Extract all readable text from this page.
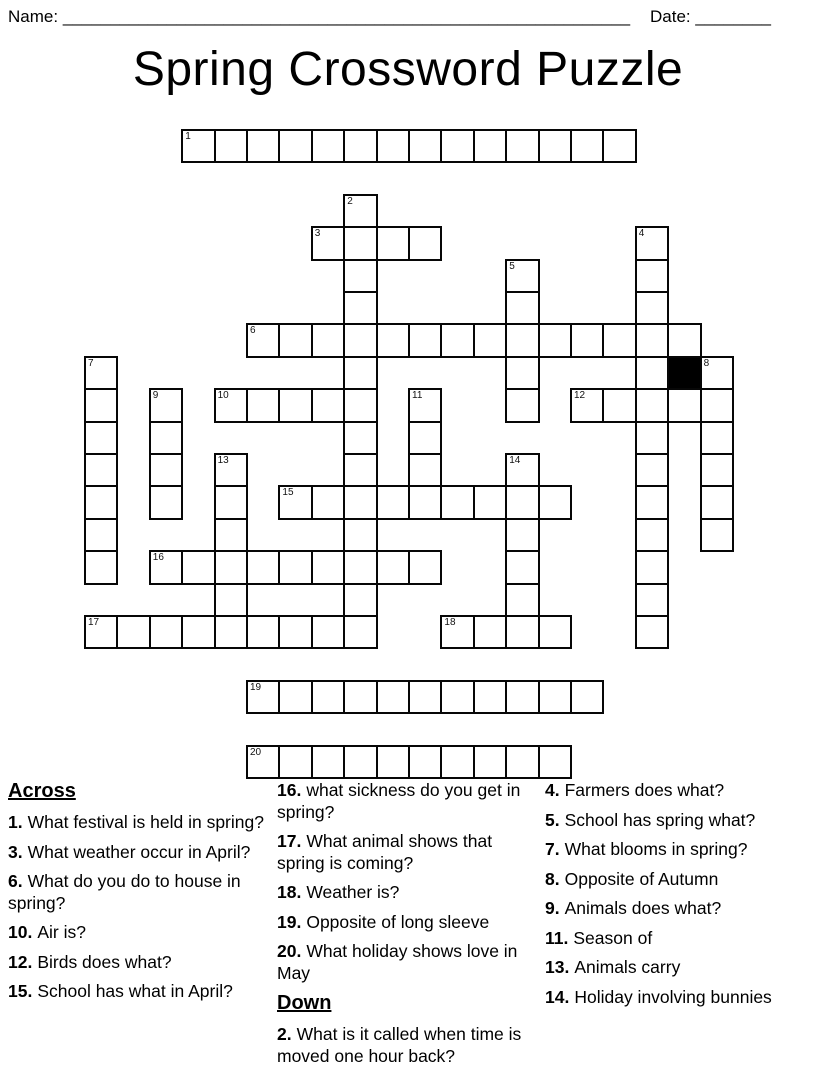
Name: ____________________________________________________________ Date: ________
Spring Crossword Puzzle
1
2
3	4
5
6
7	8
9	10	11	12
13	14
15
16
17	18
19
20
Across
1. What festival is held in spring?
3. What weather occur in April?
6. What do you do to house in spring?
10. Air is?
12. Birds does what?
15. School has what in April?
16. what sickness do you get in spring?
17. What animal shows that spring is coming?
18. Weather is?
19. Opposite of long sleeve
20. What holiday shows love in May
Down
2. What is it called when time is moved one hour back?
4. Farmers does what?
5. School has spring what?
7. What blooms in spring?
8. Opposite of Autumn
9. Animals does what?
11. Season of
13. Animals carry
14. Holiday involving bunnies
